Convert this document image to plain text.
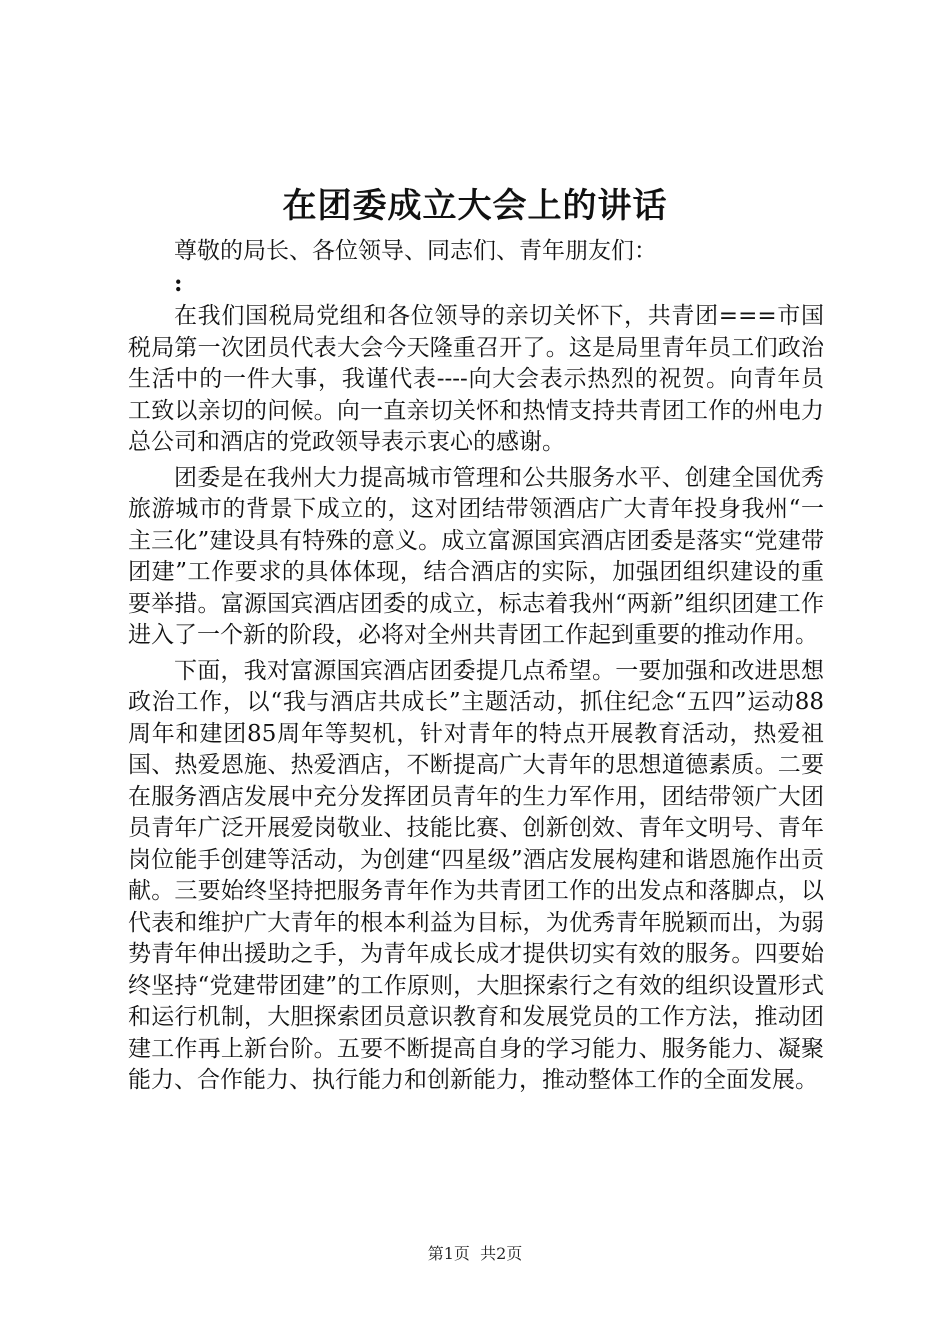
在团委成立大会上的讲话

尊敬的局长、各位领导、同志们、青年朋友们：

:

在我们国税局党组和各位领导的亲切关怀下，共青团===市国税局第一次团员代表大会今天隆重召开了。这是局里青年员工们政治生活中的一件大事，我谨代表----向大会表示热烈的祝贺。向青年员工致以亲切的问候。向一直亲切关怀和热情支持共青团工作的州电力总公司和酒店的党政领导表示衷心的感谢。

团委是在我州大力提高城市管理和公共服务水平、创建全国优秀旅游城市的背景下成立的，这对团结带领酒店广大青年投身我州“一主三化”建设具有特殊的意义。成立富源国宾酒店团委是落实“党建带团建”工作要求的具体体现，结合酒店的实际，加强团组织建设的重要举措。富源国宾酒店团委的成立，标志着我州“两新”组织团建工作进入了一个新的阶段，必将对全州共青团工作起到重要的推动作用。

下面，我对富源国宾酒店团委提几点希望。一要加强和改进思想政治工作，以“我与酒店共成长”主题活动，抓住纪念“五四”运动88周年和建团85周年等契机，针对青年的特点开展教育活动，热爱祖国、热爱恩施、热爱酒店，不断提高广大青年的思想道德素质。二要在服务酒店发展中充分发挥团员青年的生力军作用，团结带领广大团员青年广泛开展爱岗敬业、技能比赛、创新创效、青年文明号、青年岗位能手创建等活动，为创建“四星级”酒店发展构建和谐恩施作出贡献。三要始终坚持把服务青年作为共青团工作的出发点和落脚点，以代表和维护广大青年的根本利益为目标，为优秀青年脱颖而出，为弱势青年伸出援助之手，为青年成长成才提供切实有效的服务。四要始终坚持“党建带团建”的工作原则，大胆探索行之有效的组织设置形式和运行机制，大胆探索团员意识教育和发展党员的工作方法，推动团建工作再上新台阶。五要不断提高自身的学习能力、服务能力、凝聚能力、合作能力、执行能力和创新能力，推动整体工作的全面发展。

第1页 共2页
